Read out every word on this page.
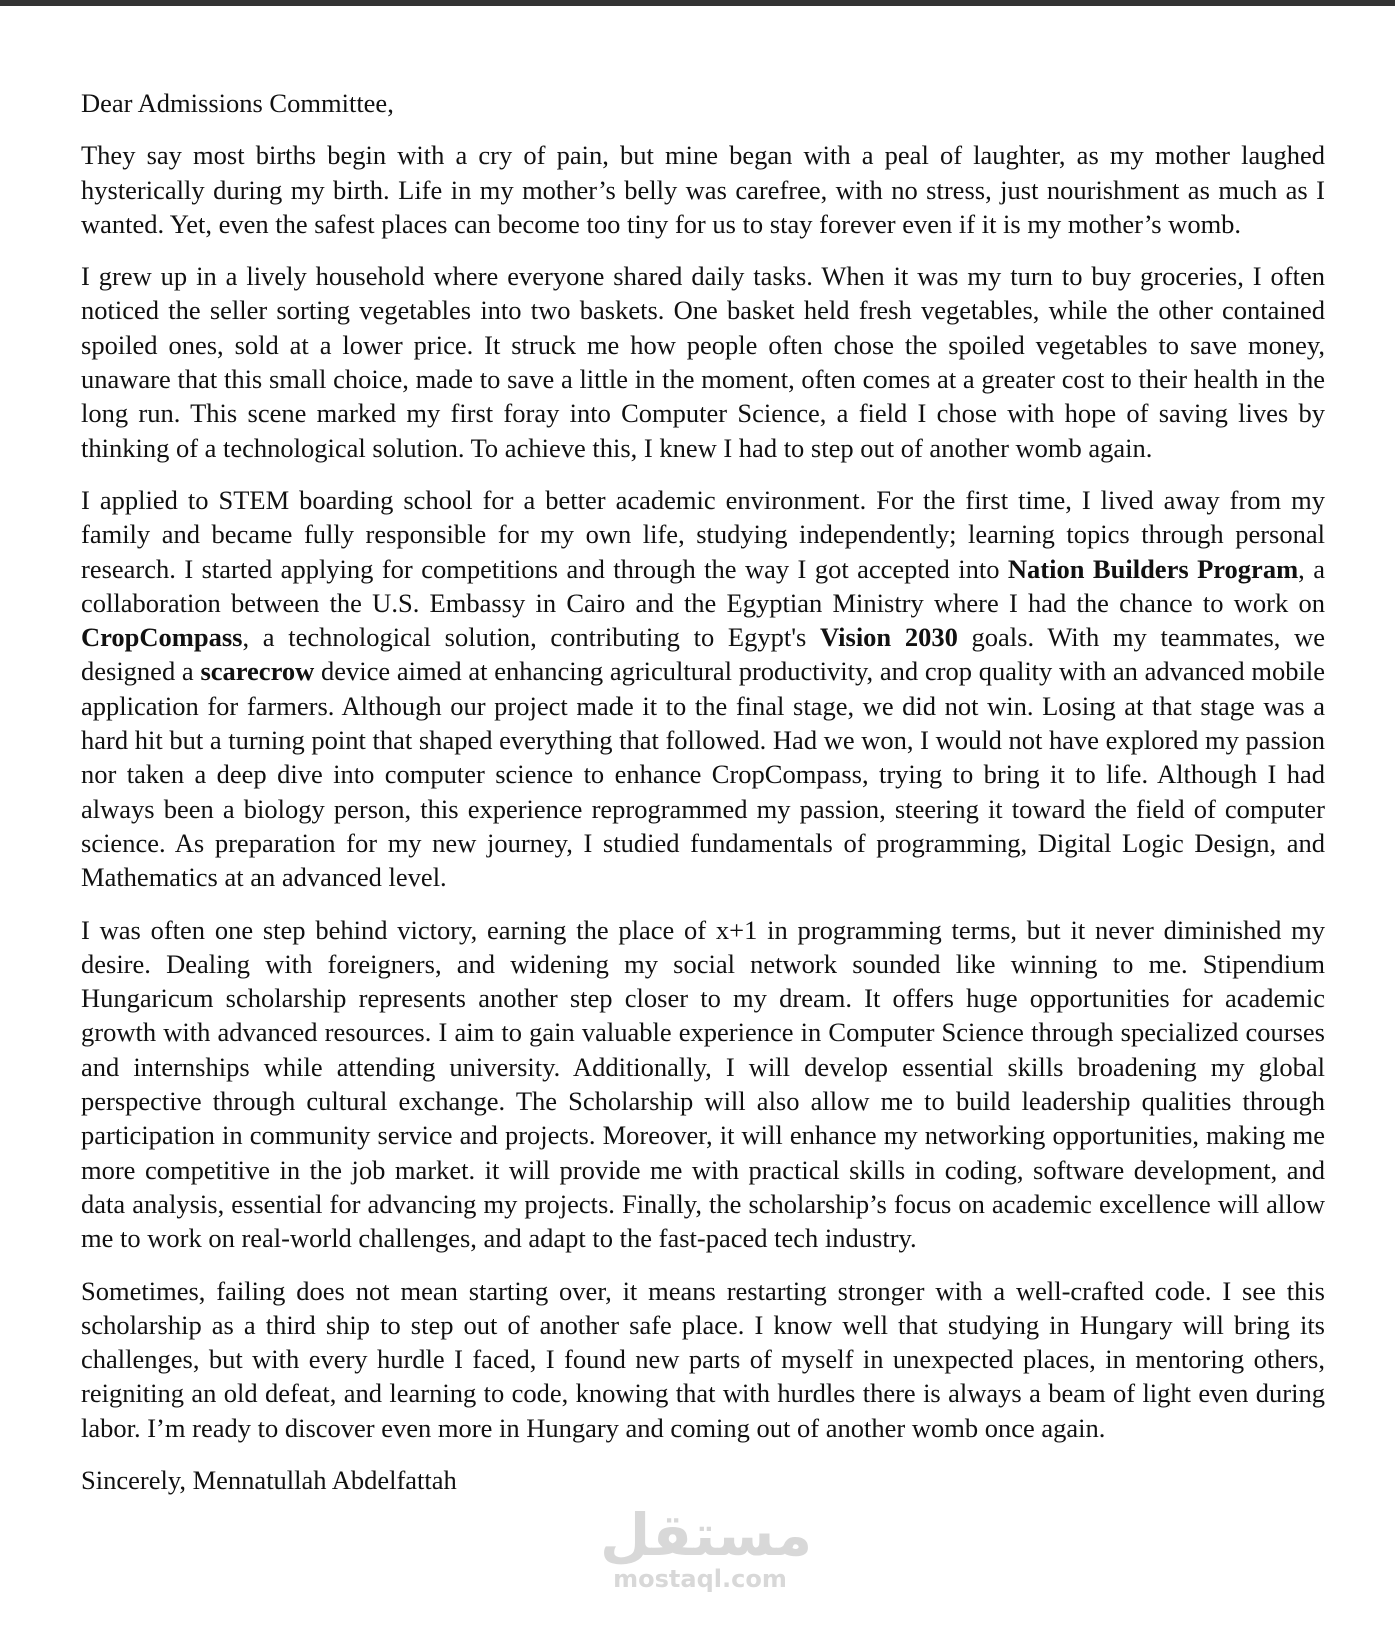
Dear Admissions Committee,

They say most births begin with a cry of pain, but mine began with a peal of laughter, as my mother laughed hysterically during my birth. Life in my mother’s belly was carefree, with no stress, just nourishment as much as I wanted. Yet, even the safest places can become too tiny for us to stay forever even if it is my mother’s womb.

I grew up in a lively household where everyone shared daily tasks. When it was my turn to buy groceries, I often noticed the seller sorting vegetables into two baskets. One basket held fresh vegetables, while the other contained spoiled ones, sold at a lower price. It struck me how people often chose the spoiled vegetables to save money, unaware that this small choice, made to save a little in the moment, often comes at a greater cost to their health in the long run. This scene marked my first foray into Computer Science, a field I chose with hope of saving lives by thinking of a technological solution. To achieve this, I knew I had to step out of another womb again.

I applied to STEM boarding school for a better academic environment. For the first time, I lived away from my family and became fully responsible for my own life, studying independently; learning topics through personal research. I started applying for competitions and through the way I got accepted into Nation Builders Program, a collaboration between the U.S. Embassy in Cairo and the Egyptian Ministry where I had the chance to work on CropCompass, a technological solution, contributing to Egypt's Vision 2030 goals. With my teammates, we designed a scarecrow device aimed at enhancing agricultural productivity, and crop quality with an advanced mobile application for farmers. Although our project made it to the final stage, we did not win. Losing at that stage was a hard hit but a turning point that shaped everything that followed. Had we won, I would not have explored my passion nor taken a deep dive into computer science to enhance CropCompass, trying to bring it to life. Although I had always been a biology person, this experience reprogrammed my passion, steering it toward the field of computer science. As preparation for my new journey, I studied fundamentals of programming, Digital Logic Design, and Mathematics at an advanced level.

I was often one step behind victory, earning the place of x+1 in programming terms, but it never diminished my desire. Dealing with foreigners, and widening my social network sounded like winning to me. Stipendium Hungaricum scholarship represents another step closer to my dream. It offers huge opportunities for academic growth with advanced resources. I aim to gain valuable experience in Computer Science through specialized courses and internships while attending university. Additionally, I will develop essential skills broadening my global perspective through cultural exchange. The Scholarship will also allow me to build leadership qualities through participation in community service and projects. Moreover, it will enhance my networking opportunities, making me more competitive in the job market. it will provide me with practical skills in coding, software development, and data analysis, essential for advancing my projects. Finally, the scholarship’s focus on academic excellence will allow me to work on real-world challenges, and adapt to the fast-paced tech industry.

Sometimes, failing does not mean starting over, it means restarting stronger with a well-crafted code. I see this scholarship as a third ship to step out of another safe place. I know well that studying in Hungary will bring its challenges, but with every hurdle I faced, I found new parts of myself in unexpected places, in mentoring others, reigniting an old defeat, and learning to code, knowing that with hurdles there is always a beam of light even during labor. I’m ready to discover even more in Hungary and coming out of another womb once again.

Sincerely, Mennatullah Abdelfattah

مستقل
mostaql.com
